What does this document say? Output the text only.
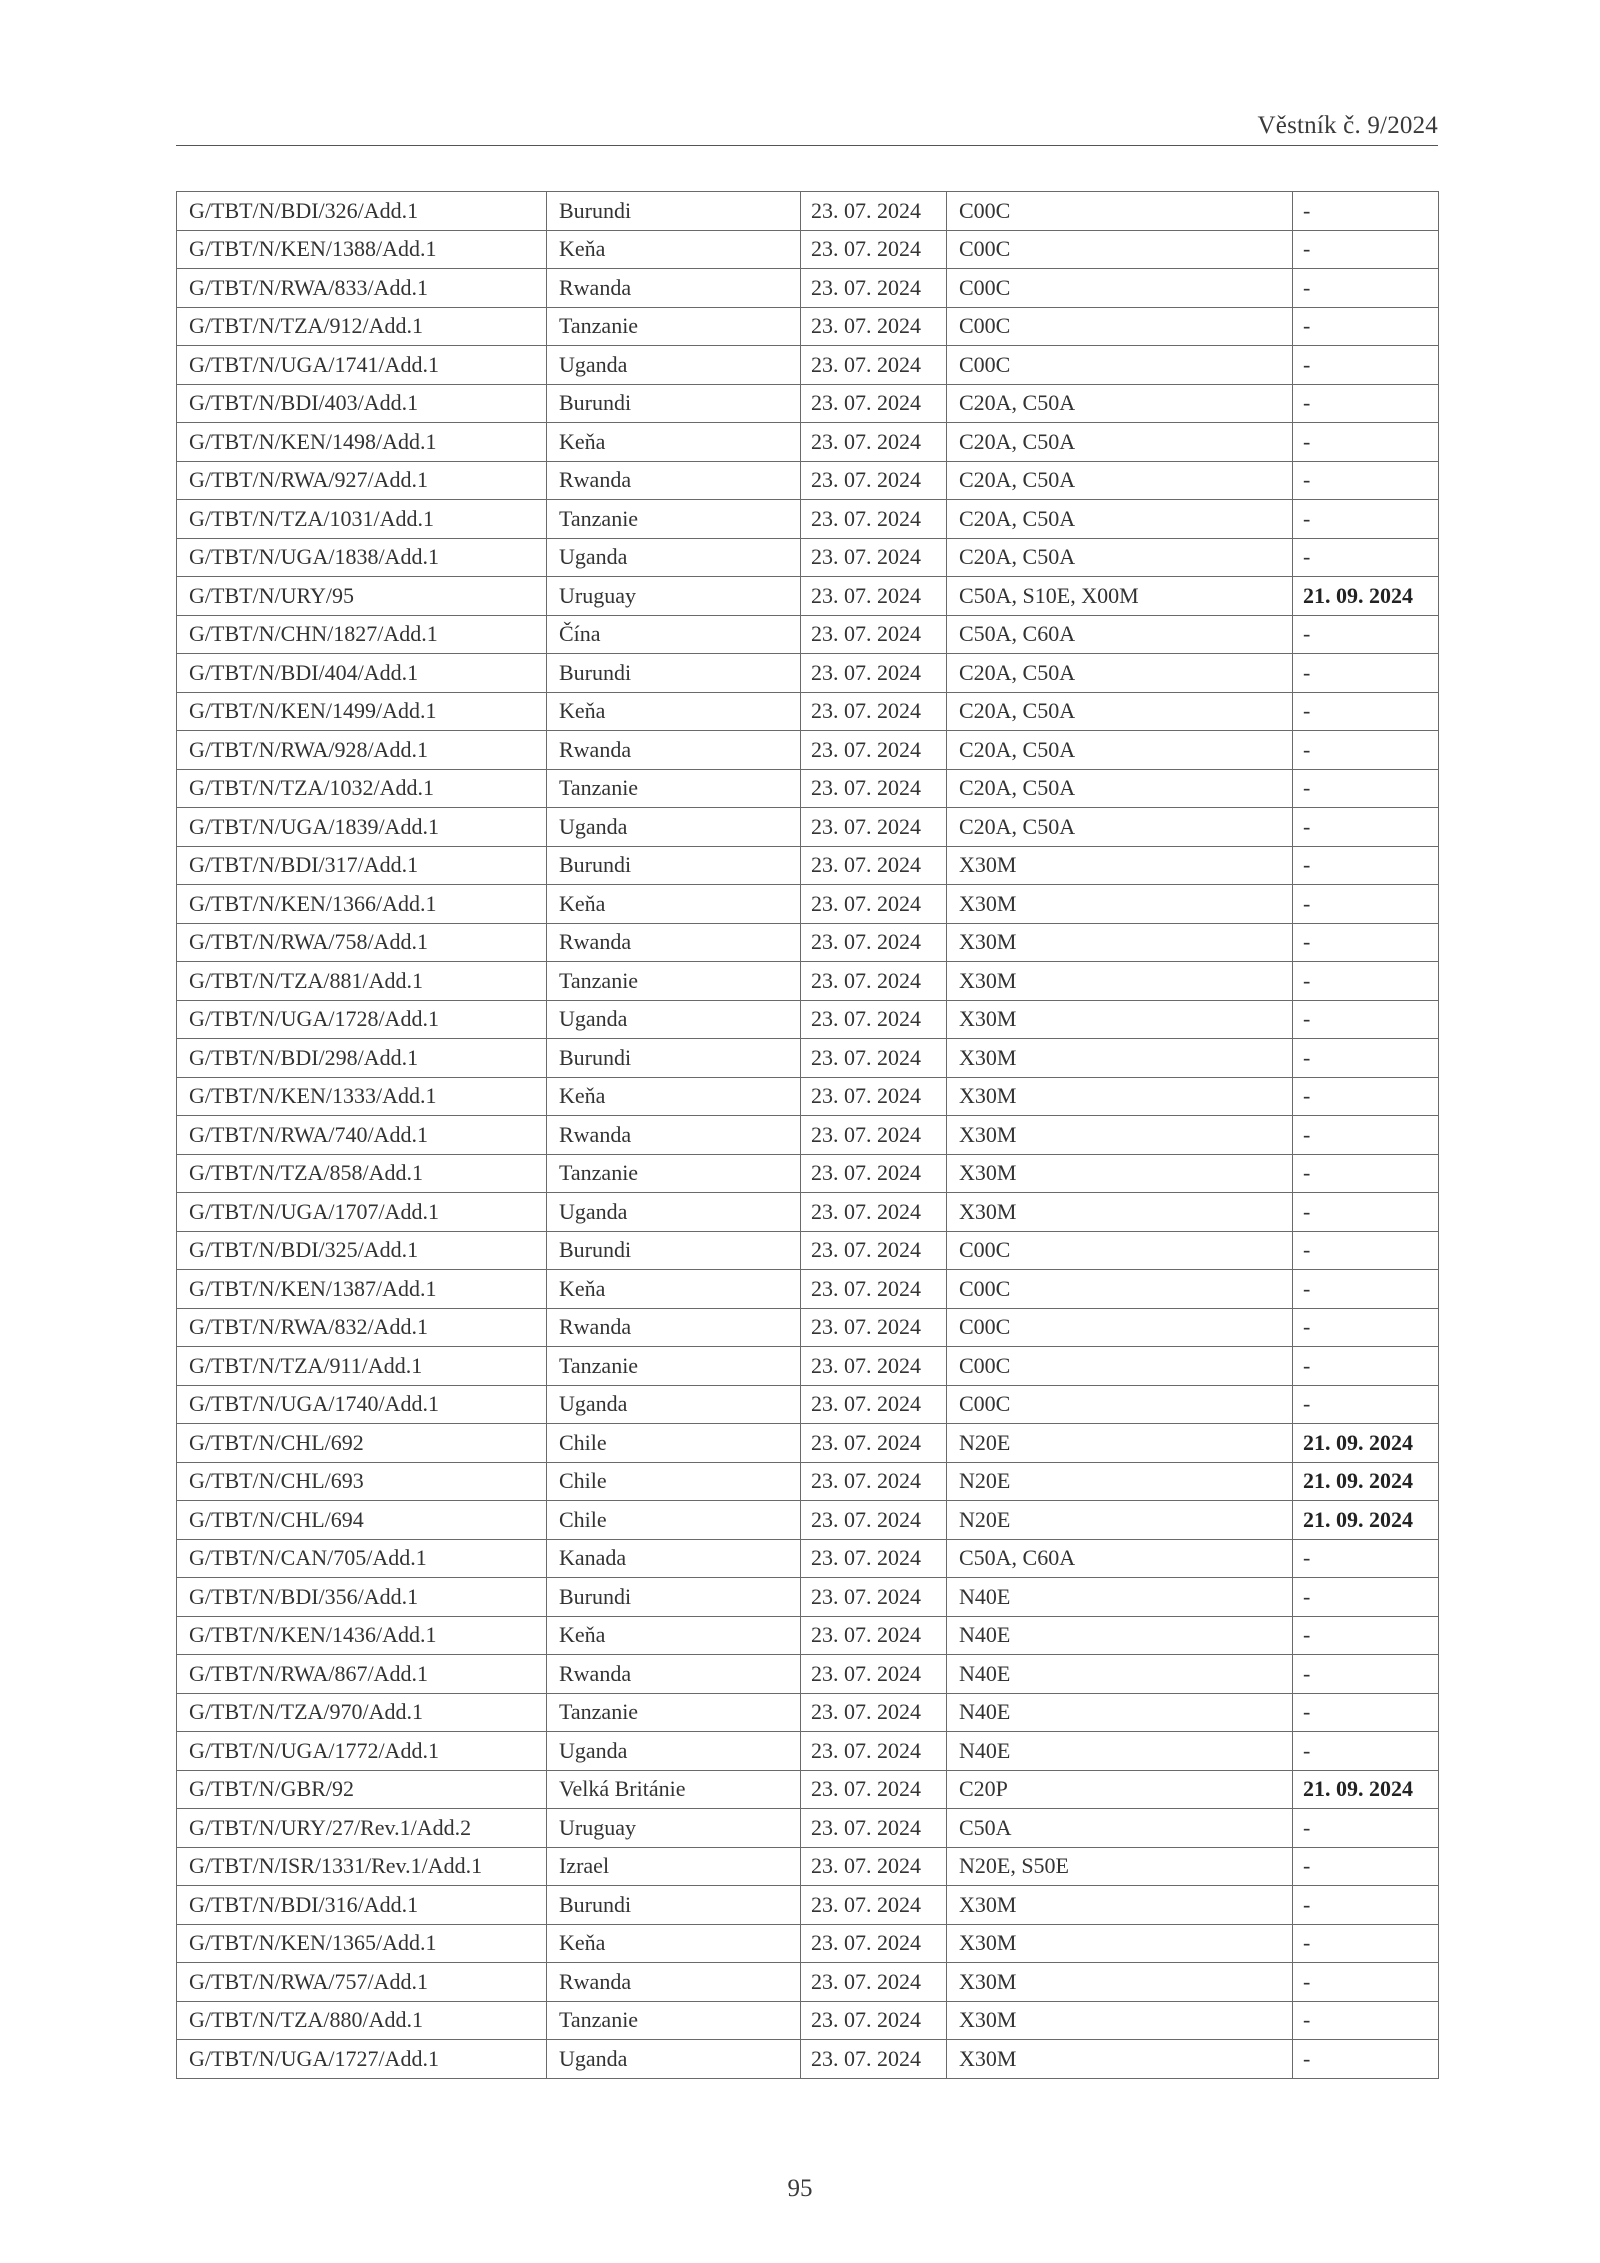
Věstník č. 9/2024
G/TBT/N/BDI/326/Add.1	Burundi	23. 07. 2024	C00C	-
G/TBT/N/KEN/1388/Add.1	Keňa	23. 07. 2024	C00C	-
G/TBT/N/RWA/833/Add.1	Rwanda	23. 07. 2024	C00C	-
G/TBT/N/TZA/912/Add.1	Tanzanie	23. 07. 2024	C00C	-
G/TBT/N/UGA/1741/Add.1	Uganda	23. 07. 2024	C00C	-
G/TBT/N/BDI/403/Add.1	Burundi	23. 07. 2024	C20A, C50A	-
G/TBT/N/KEN/1498/Add.1	Keňa	23. 07. 2024	C20A, C50A	-
G/TBT/N/RWA/927/Add.1	Rwanda	23. 07. 2024	C20A, C50A	-
G/TBT/N/TZA/1031/Add.1	Tanzanie	23. 07. 2024	C20A, C50A	-
G/TBT/N/UGA/1838/Add.1	Uganda	23. 07. 2024	C20A, C50A	-
G/TBT/N/URY/95	Uruguay	23. 07. 2024	C50A, S10E, X00M	21. 09. 2024
G/TBT/N/CHN/1827/Add.1	Čína	23. 07. 2024	C50A, C60A	-
G/TBT/N/BDI/404/Add.1	Burundi	23. 07. 2024	C20A, C50A	-
G/TBT/N/KEN/1499/Add.1	Keňa	23. 07. 2024	C20A, C50A	-
G/TBT/N/RWA/928/Add.1	Rwanda	23. 07. 2024	C20A, C50A	-
G/TBT/N/TZA/1032/Add.1	Tanzanie	23. 07. 2024	C20A, C50A	-
G/TBT/N/UGA/1839/Add.1	Uganda	23. 07. 2024	C20A, C50A	-
G/TBT/N/BDI/317/Add.1	Burundi	23. 07. 2024	X30M	-
G/TBT/N/KEN/1366/Add.1	Keňa	23. 07. 2024	X30M	-
G/TBT/N/RWA/758/Add.1	Rwanda	23. 07. 2024	X30M	-
G/TBT/N/TZA/881/Add.1	Tanzanie	23. 07. 2024	X30M	-
G/TBT/N/UGA/1728/Add.1	Uganda	23. 07. 2024	X30M	-
G/TBT/N/BDI/298/Add.1	Burundi	23. 07. 2024	X30M	-
G/TBT/N/KEN/1333/Add.1	Keňa	23. 07. 2024	X30M	-
G/TBT/N/RWA/740/Add.1	Rwanda	23. 07. 2024	X30M	-
G/TBT/N/TZA/858/Add.1	Tanzanie	23. 07. 2024	X30M	-
G/TBT/N/UGA/1707/Add.1	Uganda	23. 07. 2024	X30M	-
G/TBT/N/BDI/325/Add.1	Burundi	23. 07. 2024	C00C	-
G/TBT/N/KEN/1387/Add.1	Keňa	23. 07. 2024	C00C	-
G/TBT/N/RWA/832/Add.1	Rwanda	23. 07. 2024	C00C	-
G/TBT/N/TZA/911/Add.1	Tanzanie	23. 07. 2024	C00C	-
G/TBT/N/UGA/1740/Add.1	Uganda	23. 07. 2024	C00C	-
G/TBT/N/CHL/692	Chile	23. 07. 2024	N20E	21. 09. 2024
G/TBT/N/CHL/693	Chile	23. 07. 2024	N20E	21. 09. 2024
G/TBT/N/CHL/694	Chile	23. 07. 2024	N20E	21. 09. 2024
G/TBT/N/CAN/705/Add.1	Kanada	23. 07. 2024	C50A, C60A	-
G/TBT/N/BDI/356/Add.1	Burundi	23. 07. 2024	N40E	-
G/TBT/N/KEN/1436/Add.1	Keňa	23. 07. 2024	N40E	-
G/TBT/N/RWA/867/Add.1	Rwanda	23. 07. 2024	N40E	-
G/TBT/N/TZA/970/Add.1	Tanzanie	23. 07. 2024	N40E	-
G/TBT/N/UGA/1772/Add.1	Uganda	23. 07. 2024	N40E	-
G/TBT/N/GBR/92	Velká Británie	23. 07. 2024	C20P	21. 09. 2024
G/TBT/N/URY/27/Rev.1/Add.2	Uruguay	23. 07. 2024	C50A	-
G/TBT/N/ISR/1331/Rev.1/Add.1	Izrael	23. 07. 2024	N20E, S50E	-
G/TBT/N/BDI/316/Add.1	Burundi	23. 07. 2024	X30M	-
G/TBT/N/KEN/1365/Add.1	Keňa	23. 07. 2024	X30M	-
G/TBT/N/RWA/757/Add.1	Rwanda	23. 07. 2024	X30M	-
G/TBT/N/TZA/880/Add.1	Tanzanie	23. 07. 2024	X30M	-
G/TBT/N/UGA/1727/Add.1	Uganda	23. 07. 2024	X30M	-
95
